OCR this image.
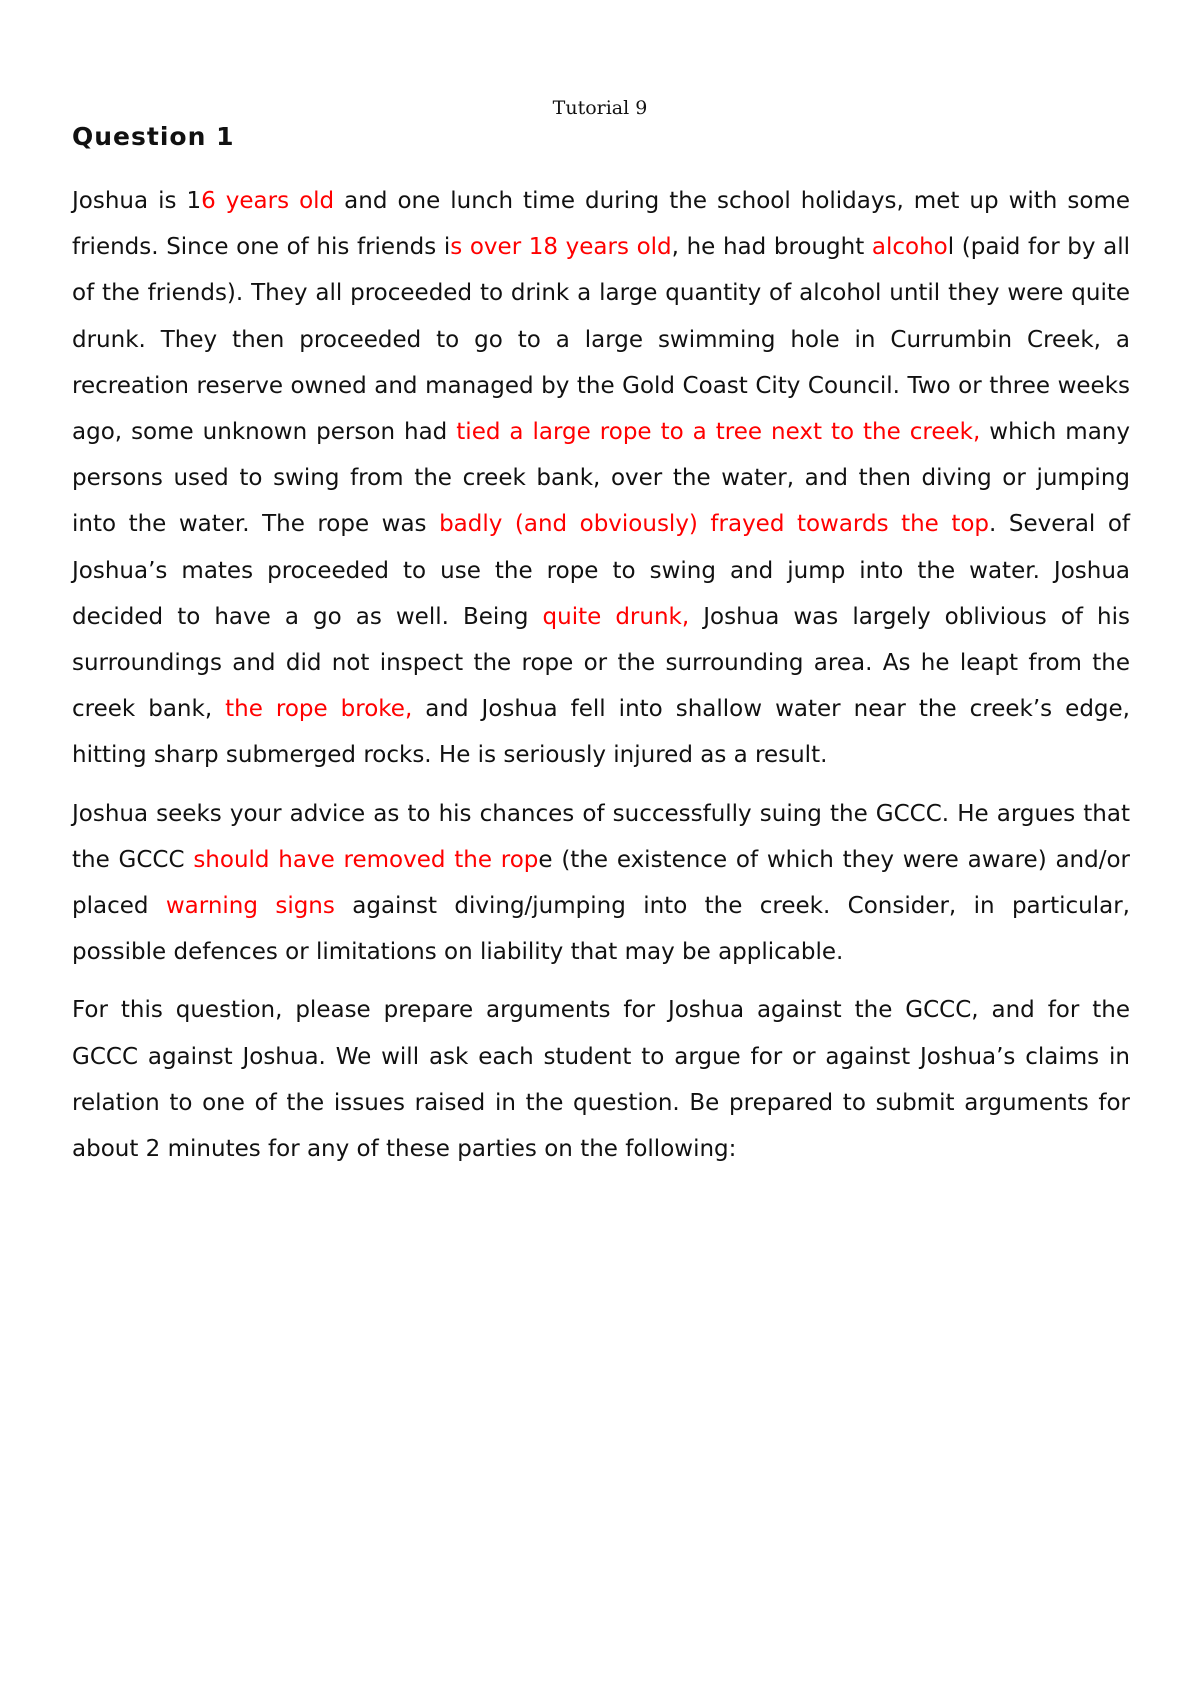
Tutorial 9
Question 1

Joshua is 16 years old and one lunch time during the school holidays, met up with some friends. Since one of his friends is over 18 years old, he had brought alcohol (paid for by all of the friends). They all proceeded to drink a large quantity of alcohol until they were quite drunk. They then proceeded to go to a large swimming hole in Currumbin Creek, a recreation reserve owned and managed by the Gold Coast City Council. Two or three weeks ago, some unknown person had tied a large rope to a tree next to the creek, which many persons used to swing from the creek bank, over the water, and then diving or jumping into the water. The rope was badly (and obviously) frayed towards the top. Several of Joshua’s mates proceeded to use the rope to swing and jump into the water. Joshua decided to have a go as well. Being quite drunk, Joshua was largely oblivious of his surroundings and did not inspect the rope or the surrounding area. As he leapt from the creek bank, the rope broke, and Joshua fell into shallow water near the creek’s edge, hitting sharp submerged rocks. He is seriously injured as a result.

Joshua seeks your advice as to his chances of successfully suing the GCCC. He argues that the GCCC should have removed the rope (the existence of which they were aware) and/or placed warning signs against diving/jumping into the creek. Consider, in particular, possible defences or limitations on liability that may be applicable.

For this question, please prepare arguments for Joshua against the GCCC, and for the GCCC against Joshua. We will ask each student to argue for or against Joshua’s claims in relation to one of the issues raised in the question. Be prepared to submit arguments for about 2 minutes for any of these parties on the following:
